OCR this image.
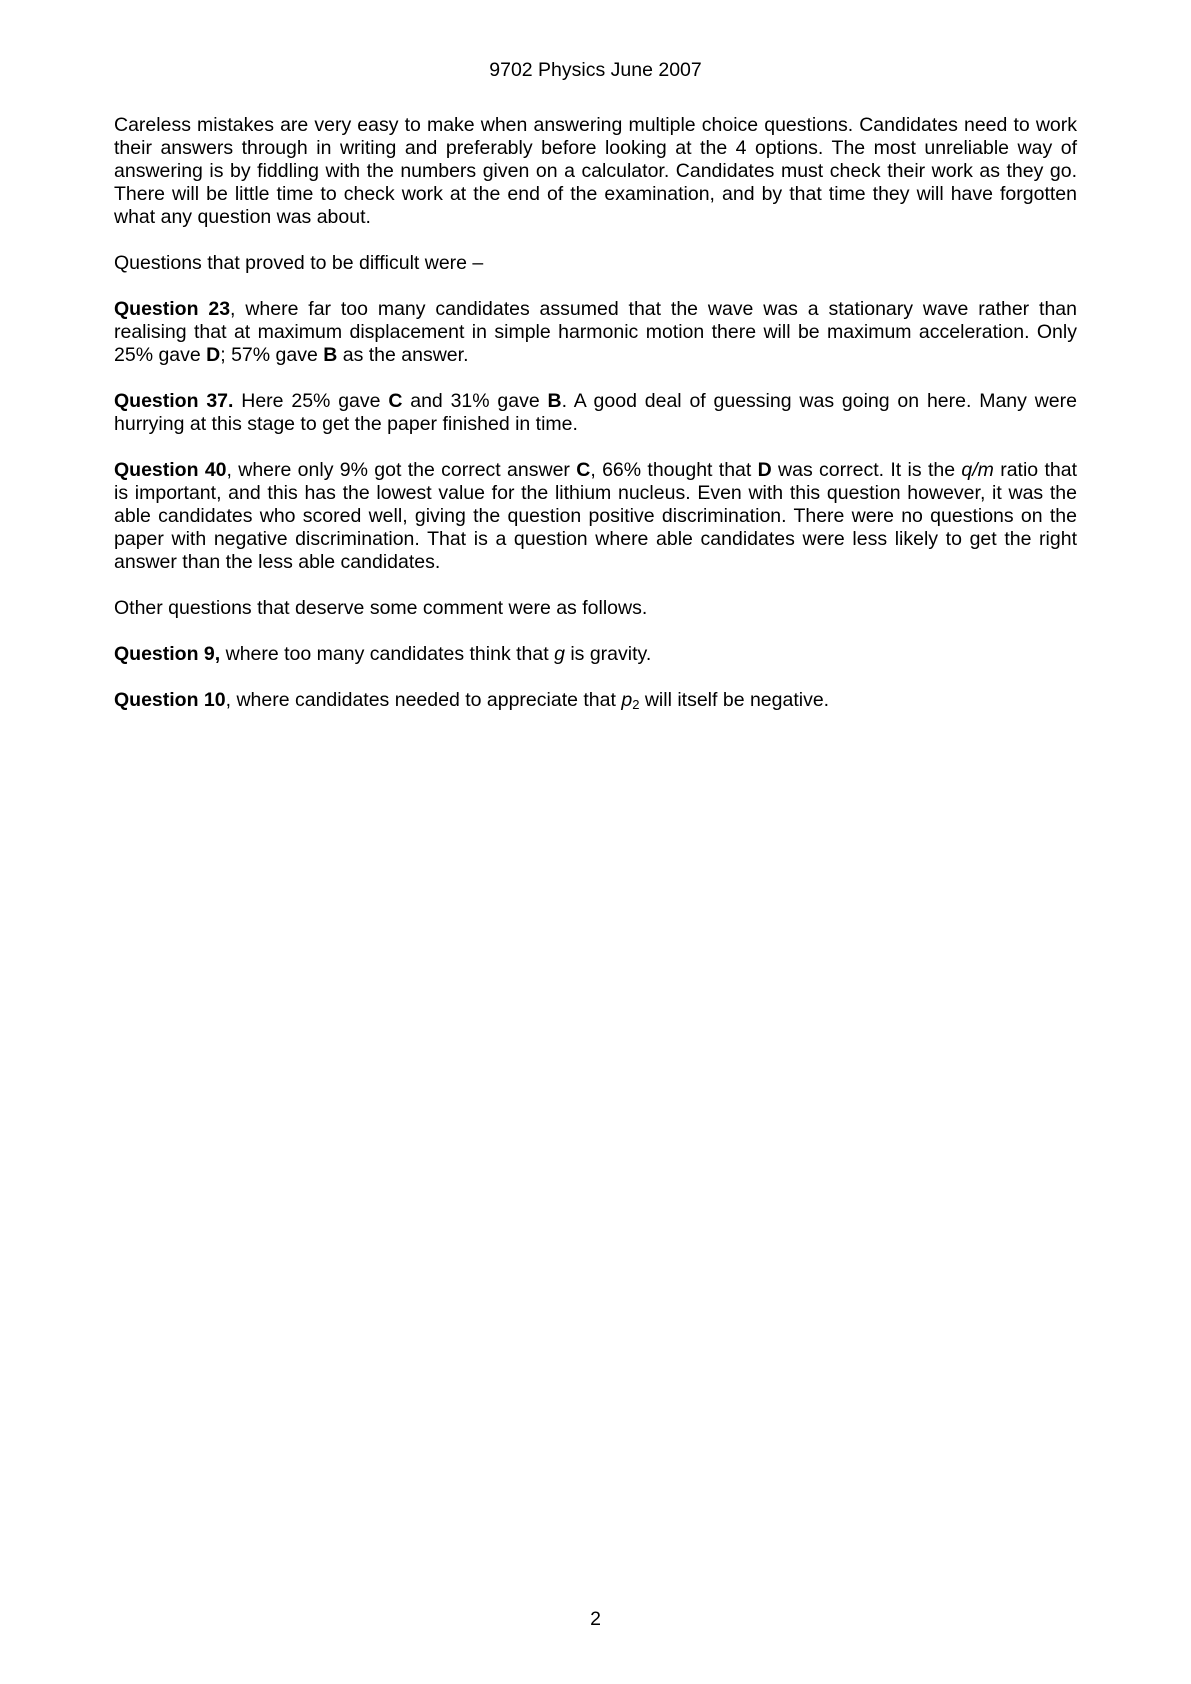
9702 Physics June 2007

Careless mistakes are very easy to make when answering multiple choice questions. Candidates need to work their answers through in writing and preferably before looking at the 4 options. The most unreliable way of answering is by fiddling with the numbers given on a calculator. Candidates must check their work as they go. There will be little time to check work at the end of the examination, and by that time they will have forgotten what any question was about.

Questions that proved to be difficult were –

Question 23, where far too many candidates assumed that the wave was a stationary wave rather than realising that at maximum displacement in simple harmonic motion there will be maximum acceleration. Only 25% gave D; 57% gave B as the answer.

Question 37. Here 25% gave C and 31% gave B. A good deal of guessing was going on here. Many were hurrying at this stage to get the paper finished in time.

Question 40, where only 9% got the correct answer C, 66% thought that D was correct. It is the q/m ratio that is important, and this has the lowest value for the lithium nucleus. Even with this question however, it was the able candidates who scored well, giving the question positive discrimination. There were no questions on the paper with negative discrimination. That is a question where able candidates were less likely to get the right answer than the less able candidates.

Other questions that deserve some comment were as follows.

Question 9, where too many candidates think that g is gravity.

Question 10, where candidates needed to appreciate that $p_2$ will itself be negative.

2
